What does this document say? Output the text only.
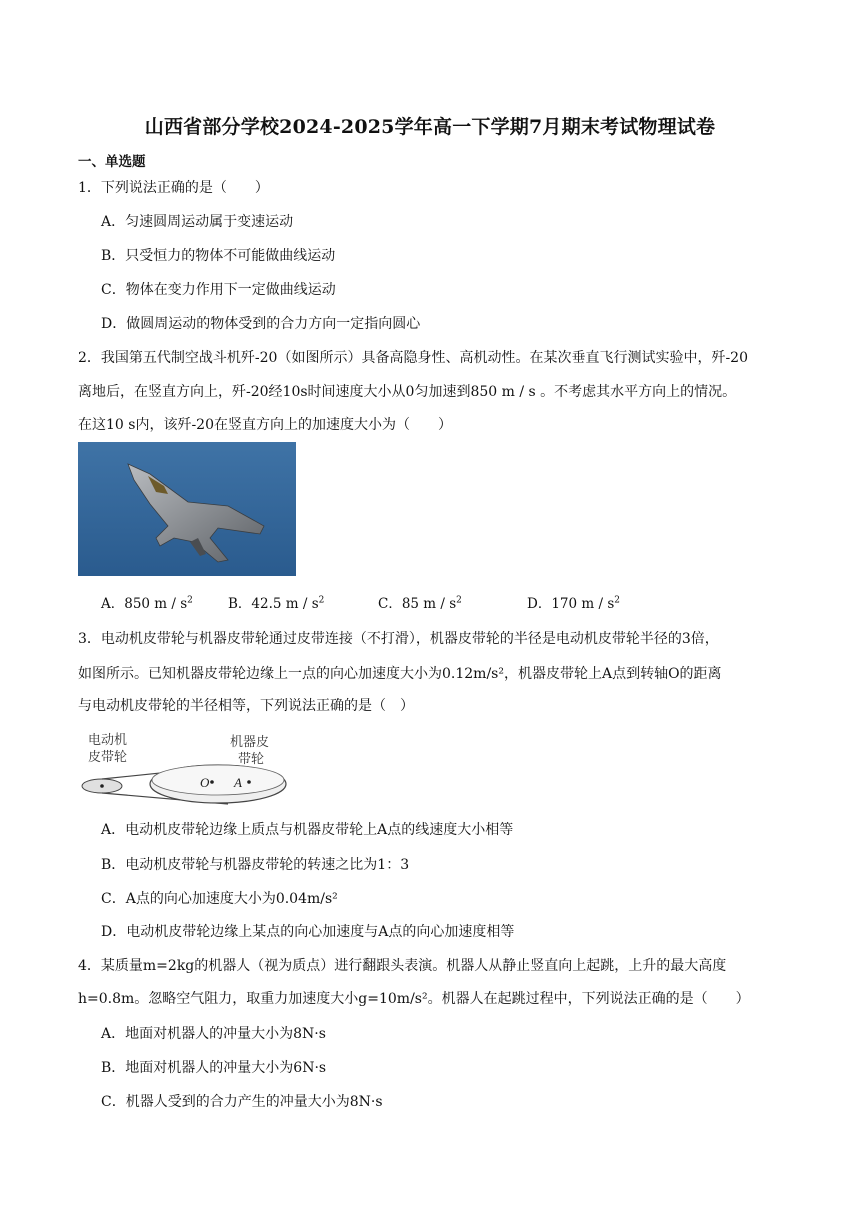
山西省部分学校2024-2025学年高一下学期7月期末考试物理试卷
一、单选题
1．下列说法正确的是（　　）
A．匀速圆周运动属于变速运动
B．只受恒力的物体不可能做曲线运动
C．物体在变力作用下一定做曲线运动
D．做圆周运动的物体受到的合力方向一定指向圆心
2．我国第五代制空战斗机歼-20（如图所示）具备高隐身性、高机动性。在某次垂直飞行测试实验中，歼-20
离地后，在竖直方向上，歼-20经10s时间速度大小从0匀加速到850 m / s 。不考虑其水平方向上的情况。
在这10 s内，该歼-20在竖直方向上的加速度大小为（　　）
A．850 m / $s^2$	B．42.5 m / $s^2$	C．85 m / $s^2$	D．170 m / $s^2$
3．电动机皮带轮与机器皮带轮通过皮带连接（不打滑），机器皮带轮的半径是电动机皮带轮半径的3倍，
如图所示。已知机器皮带轮边缘上一点的向心加速度大小为0.12m/s²，机器皮带轮上A点到转轴O的距离
与电动机皮带轮的半径相等，下列说法正确的是（　）
电动机
皮带轮
机器皮
带轮
O A
A．电动机皮带轮边缘上质点与机器皮带轮上A点的线速度大小相等
B．电动机皮带轮与机器皮带轮的转速之比为1：3
C．A点的向心加速度大小为0.04m/s²
D．电动机皮带轮边缘上某点的向心加速度与A点的向心加速度相等
4．某质量m=2kg的机器人（视为质点）进行翻跟头表演。机器人从静止竖直向上起跳，上升的最大高度
h=0.8m。忽略空气阻力，取重力加速度大小g=10m/s²。机器人在起跳过程中，下列说法正确的是（　　）
A．地面对机器人的冲量大小为8N·s
B．地面对机器人的冲量大小为6N·s
C．机器人受到的合力产生的冲量大小为8N·s
